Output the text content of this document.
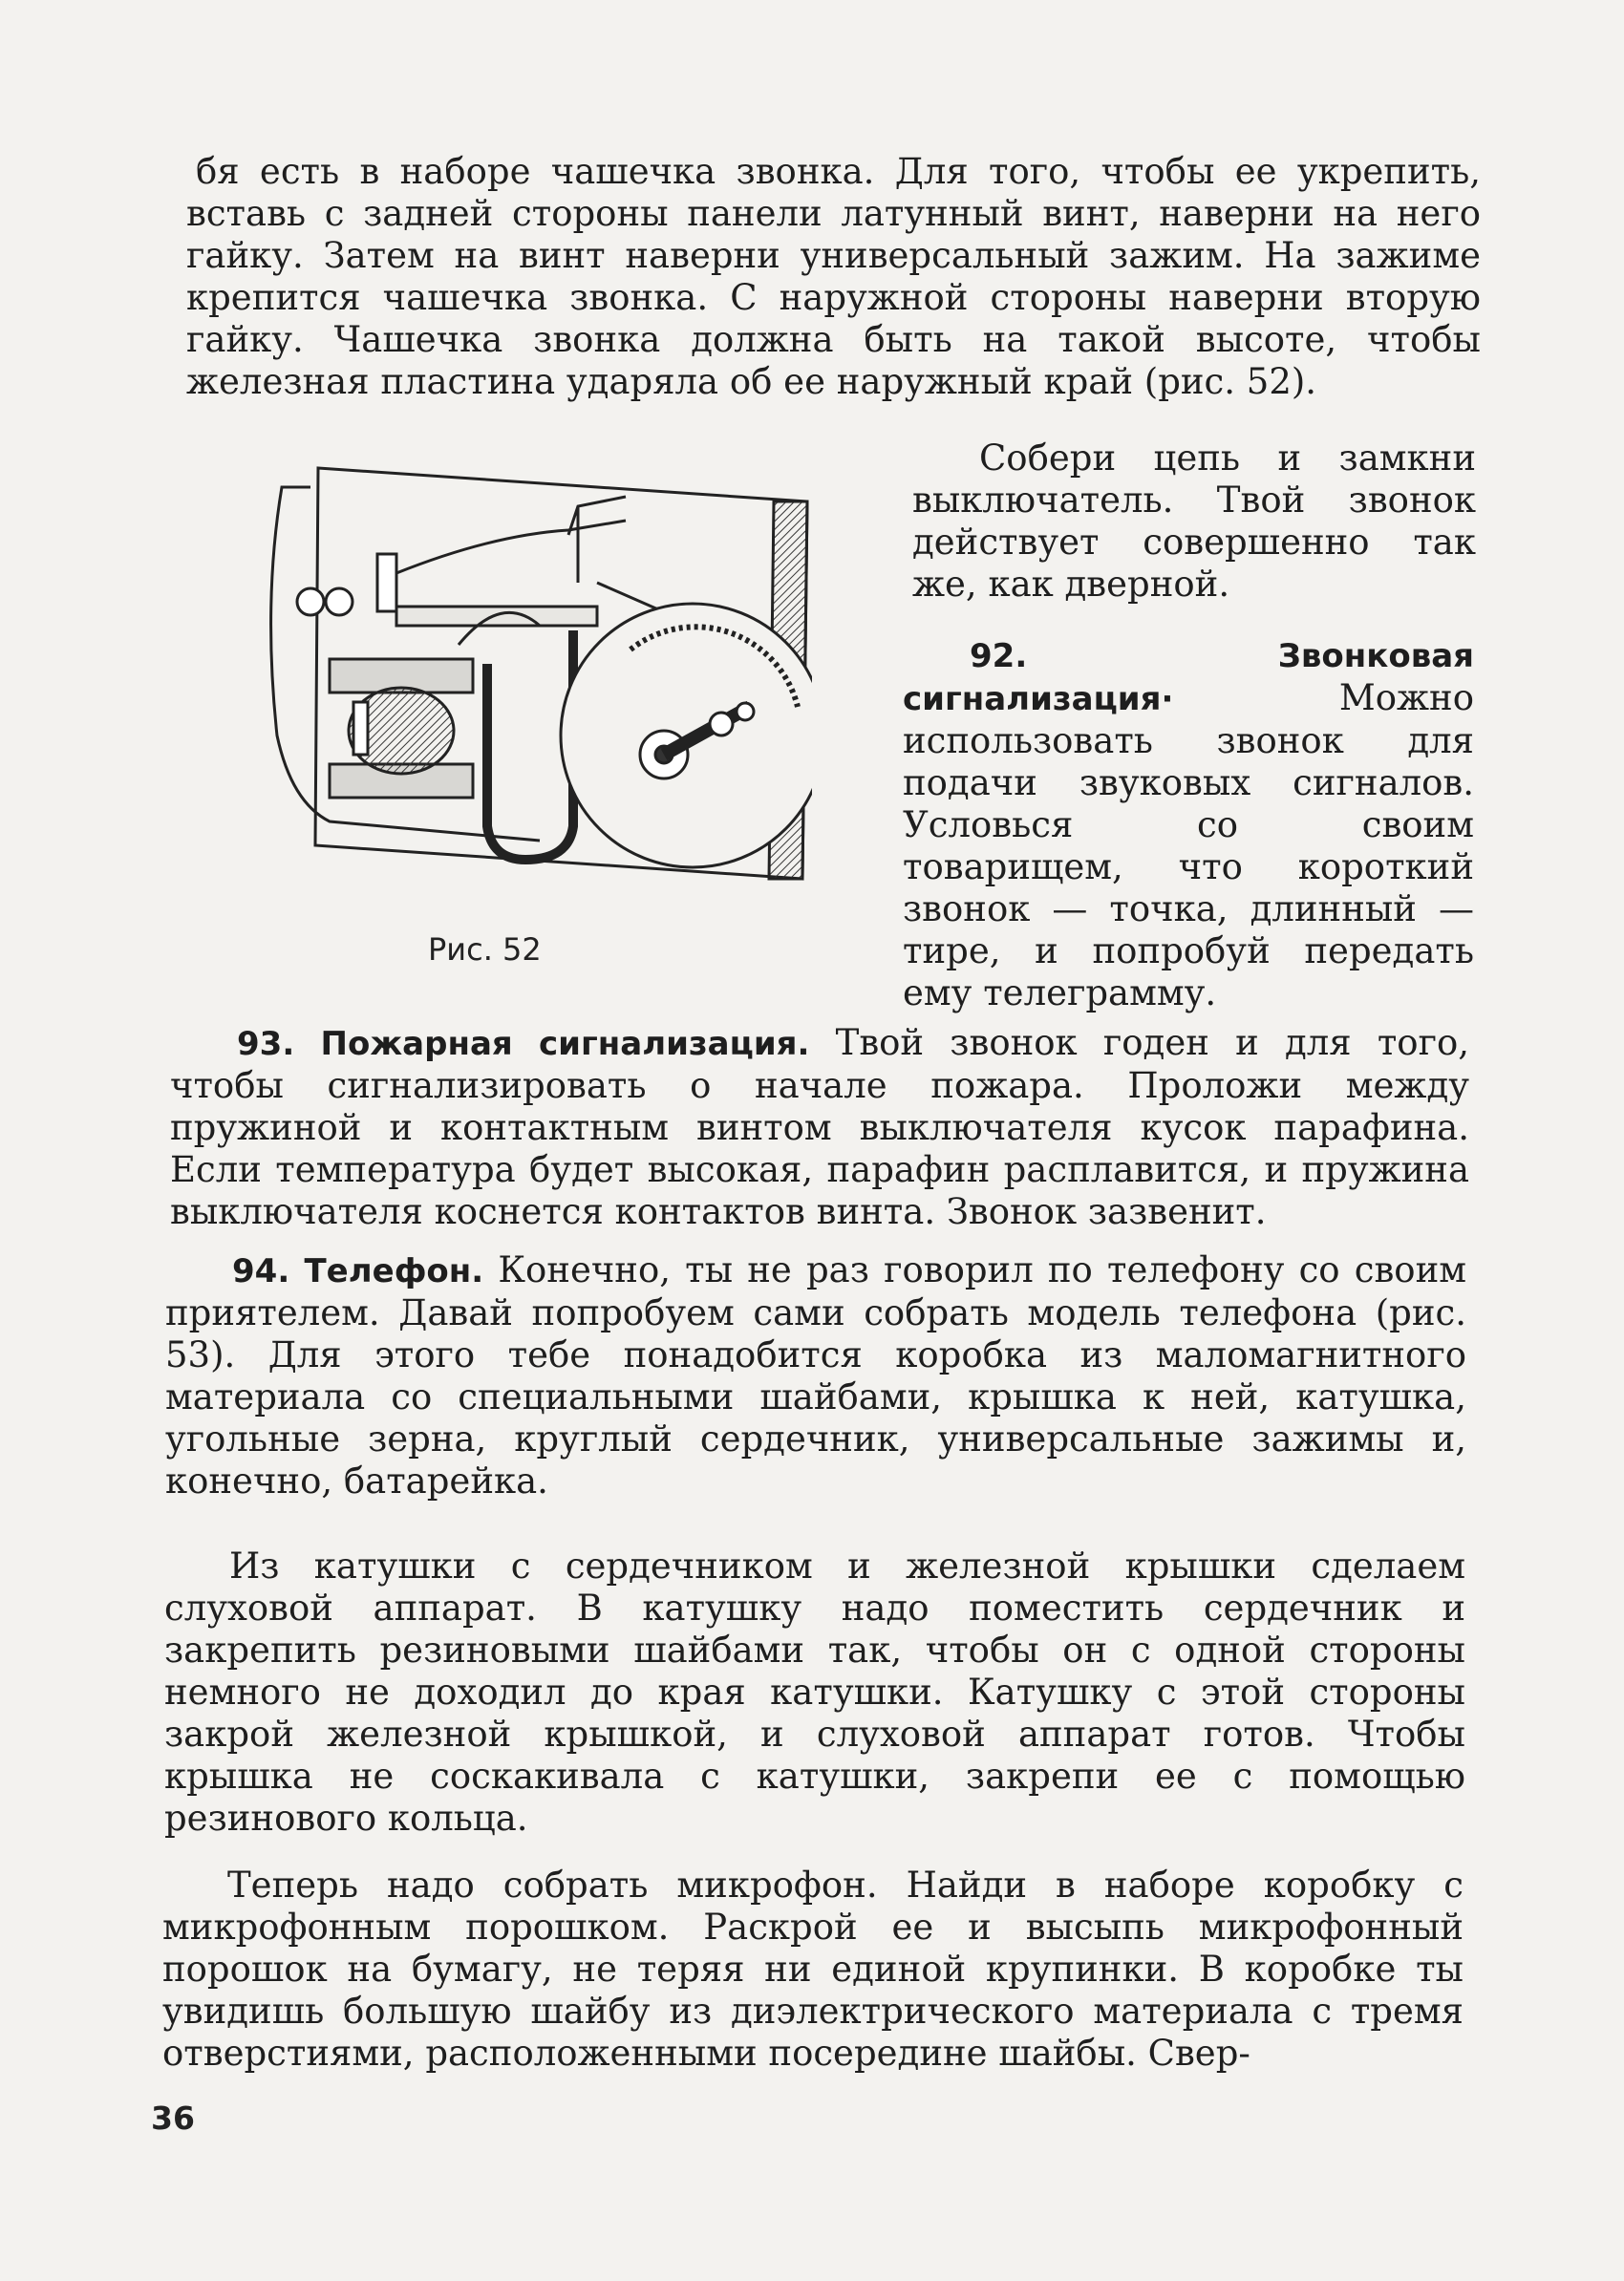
бя есть в наборе чашечка звонка. Для того, чтобы ее укрепить, вставь с задней стороны панели латунный винт, наверни на него гайку. Затем на винт наверни универсальный зажим. На зажиме крепится чашечка звонка. С наружной стороны наверни вторую гайку. Чашечка звонка должна быть на такой высоте, чтобы железная пластина ударяла об ее наружный край (рис. 52).

Собери цепь и замкни выключатель. Твой звонок действует совершенно так же, как дверной.

92. Звонковая сигнализация·	Можно использовать звонок для подачи звуковых сигналов. Условься со своим товарищем, что короткий звонок — точка, длинный — тире, и попробуй передать ему телеграмму.

Рис. 52

93. Пожарная сигнализация. Твой звонок годен и для того, чтобы сигнализировать о начале пожара. Проложи между пружиной и контактным винтом выключателя кусок парафина. Если температура будет высокая, парафин расплавится, и пружина выключателя коснется контактов винта. Звонок зазвенит.

94. Телефон. Конечно, ты не раз говорил по телефону со своим приятелем. Давай попробуем сами собрать модель телефона (рис. 53). Для этого тебе понадобится коробка из маломагнитного материала со специальными шайбами, крышка к ней, катушка, угольные зерна, круглый сердечник, универсальные зажимы и, конечно, батарейка.

Из катушки с сердечником и железной крышки сделаем слуховой аппарат. В катушку надо поместить сердечник и закрепить резиновыми шайбами так, чтобы он с одной стороны немного не доходил до края катушки. Катушку с этой стороны закрой железной крышкой, и слуховой аппарат готов. Чтобы крышка не соскакивала с катушки, закрепи ее с помощью резинового кольца.

Теперь надо собрать микрофон. Найди в наборе коробку с микрофонным порошком. Раскрой ее и высыпь микрофонный порошок на бумагу, не теряя ни единой крупинки. В коробке ты увидишь большую шайбу из диэлектрического материала с тремя отверстиями, расположенными посередине шайбы. Свер-

36
